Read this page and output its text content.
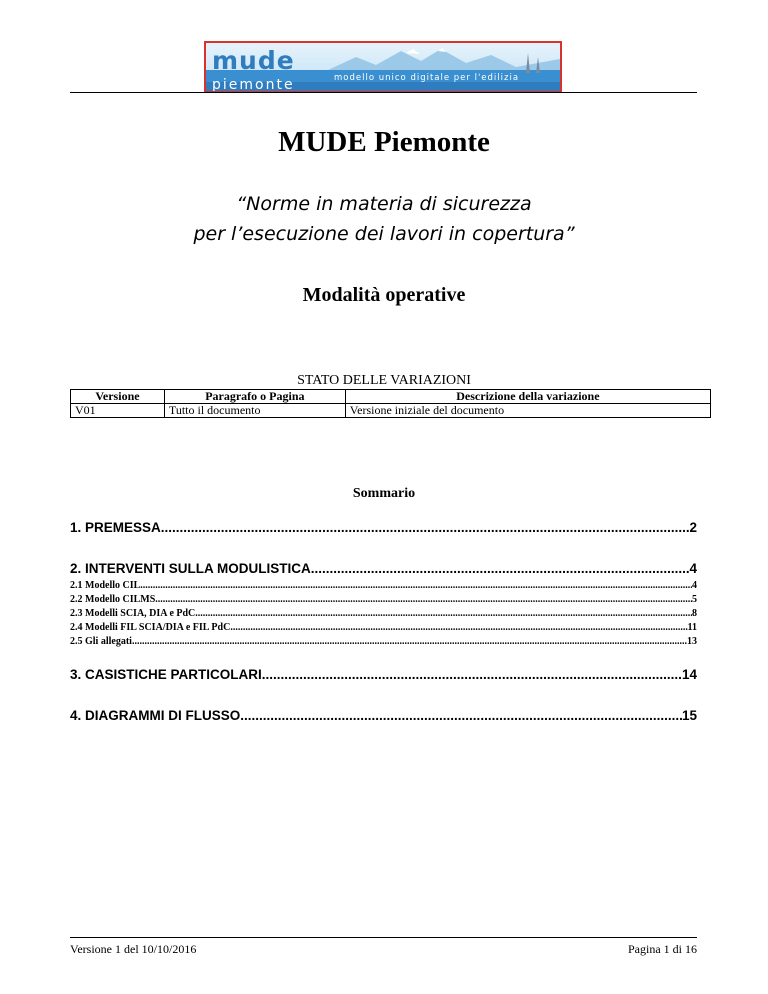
mude
piemonte	modello unico digitale per l'edilizia
MUDE Piemonte
“Norme in materia di sicurezza
per l’esecuzione dei lavori in copertura”
Modalità operative
STATO DELLE VARIAZIONI
Versione	Paragrafo o Pagina	Descrizione della variazione
V01	Tutto il documento	Versione iniziale del documento
Sommario
1. PREMESSA .....	2
2. INTERVENTI SULLA MODULISTICA .....	4
2.1 Modello CIL .....	4
2.2 Modello CILMS .....	5
2.3 Modelli SCIA, DIA e PdC .....	8
2.4 Modelli FIL SCIA/DIA e FIL PdC .....	11
2.5 Gli allegati .....	13
3. CASISTICHE PARTICOLARI .....	14
4. DIAGRAMMI DI FLUSSO .....	15
Versione 1 del 10/10/2016	Pagina 1 di 16
